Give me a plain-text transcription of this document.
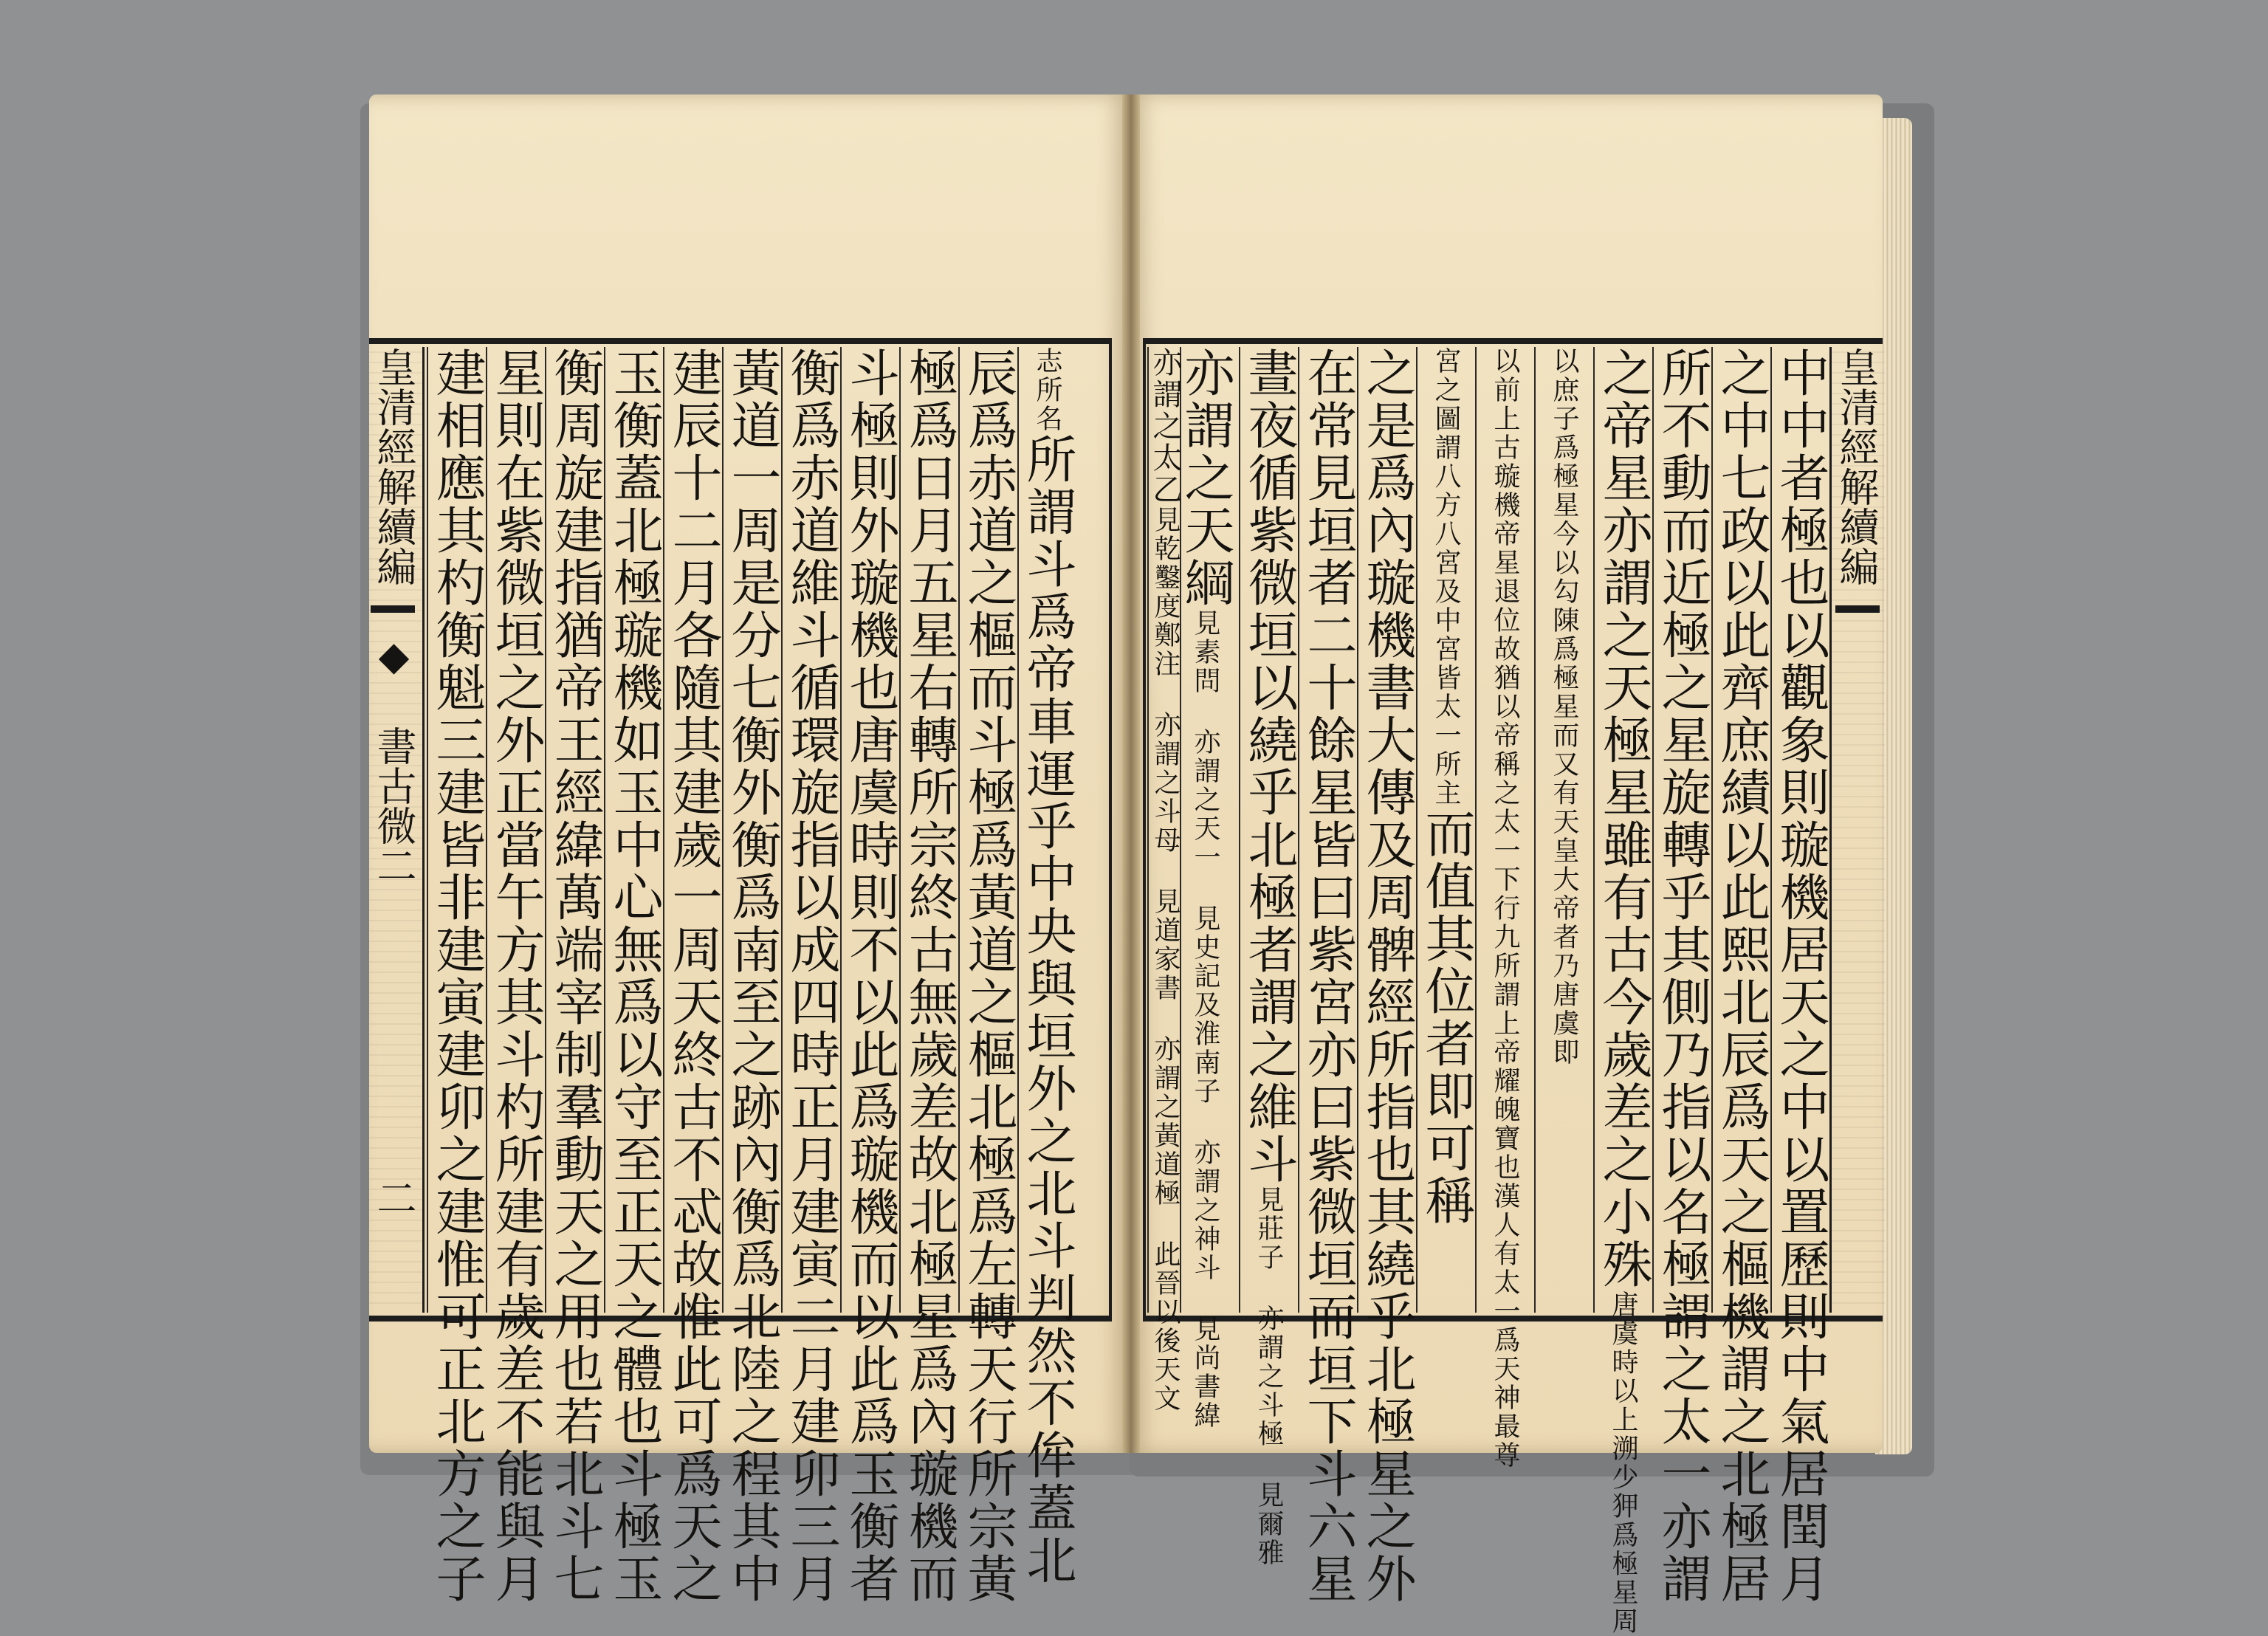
皇清經解續編 ◆ 書古微二 　　　　　 二
皇清經解續編
建相應其杓衡魁三建皆非建寅建卯之建惟可正北方之子 星則在紫微垣之外正當午方其斗杓所建有歲差不能與月 衡周旋建指猶帝王經緯萬端宰制羣動天之用也若北斗七 玉衡蓋北極璇機如玉中心無爲以守至正天之體也斗極玉 建辰十二月各隨其建歲一周天終古不忒故惟此可爲天之 黃道一周是分七衡外衡爲南至之跡內衡爲北陸之程其中 衡爲赤道維斗循環旋指以成四時正月建寅二月建卯三月 斗極則外璇機也唐虞時則不以此爲璇機而以此爲玉衡者 極爲日月五星右轉所宗終古無歲差故北極星爲內璇機而 辰爲赤道之樞而斗極爲黃道之樞北極爲左轉天行所宗黃 志所名所謂斗爲帝車運乎中央與垣外之北斗判然不侔蓋北	中中者極也以觀象則璇機居天之中以置歷則中氣居閏月
之中七政以此齊庶績以此熙北辰爲天之樞機謂之北極居
所不動而近極之星旋轉乎其側乃指以名極謂之太一亦謂
之帝星亦謂之天極星雖有古今歲差之小殊唐虞時以上溯少狎爲極星周
以庶子爲極星今以勾陳爲極星而又有天皇大帝者乃唐虞即
以前上古璇機帝星退位故猶以帝稱之太一下行九所謂上帝耀魄寶也漢人有太一爲天神最尊
宮之圖謂八方八宮及中宮皆太一所主而值其位者即可稱
之是爲內璇機書大傳及周髀經所指也其繞乎北極星之外
在常見垣者二十餘星皆曰紫宮亦曰紫微垣而垣下斗六星
晝夜循紫微垣以繞乎北極者謂之維斗見莊子 亦謂之斗極 見爾雅
亦謂之天綱見素問 亦謂之天一 見史記及淮南子 亦謂之神斗 見尚書緯
亦謂之太乙見乾鑿度鄭注 亦謂之斗母 見道家書 亦謂之黃道極 此晉以後天文
